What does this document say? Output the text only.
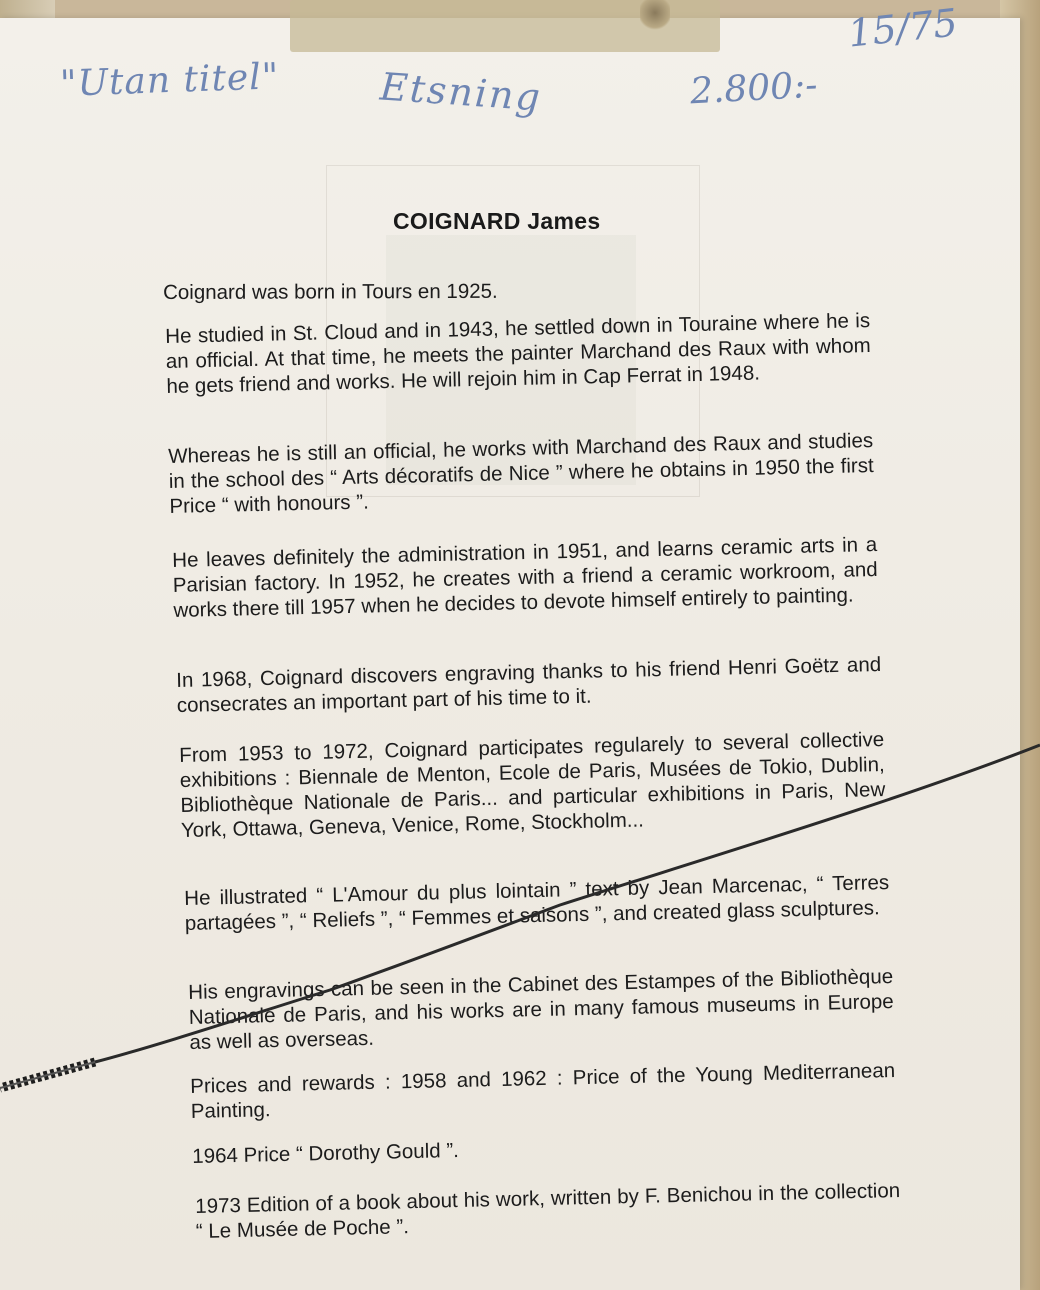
15/75
"Utan titel"	Etsning	2.800:-
COIGNARD James
Coignard was born in Tours en 1925.
He studied in St. Cloud and in 1943, he settled down in Touraine where he is an official. At that time, he meets the painter Marchand des Raux with whom he gets friend and works. He will rejoin him in Cap Ferrat in 1948.
Whereas he is still an official, he works with Marchand des Raux and studies in the school des “ Arts décoratifs de Nice ” where he obtains in 1950 the first Price “ with honours ”.
He leaves definitely the administration in 1951, and learns ceramic arts in a Parisian factory. In 1952, he creates with a friend a ceramic workroom, and works there till 1957 when he decides to devote himself entirely to painting.
In 1968, Coignard discovers engraving thanks to his friend Henri Goëtz and consecrates an important part of his time to it.
From 1953 to 1972, Coignard participates regularely to several collective exhibitions : Biennale de Menton, Ecole de Paris, Musées de Tokio, Dublin, Bibliothèque Nationale de Paris... and particular exhibitions in Paris, New York, Ottawa, Geneva, Venice, Rome, Stockholm...
He illustrated “ L'Amour du plus lointain ” text by Jean Marcenac, “ Terres partagées ”, “ Reliefs ”, “ Femmes et saisons ”, and created glass sculptures.
His engravings can be seen in the Cabinet des Estampes of the Bibliothèque Nationale de Paris, and his works are in many famous museums in Europe as well as overseas.
Prices and rewards : 1958 and 1962 : Price of the Young Mediterranean Painting.
1964 Price “ Dorothy Gould ”.
1973 Edition of a book about his work, written by F. Benichou in the collection “ Le Musée de Poche ”.
